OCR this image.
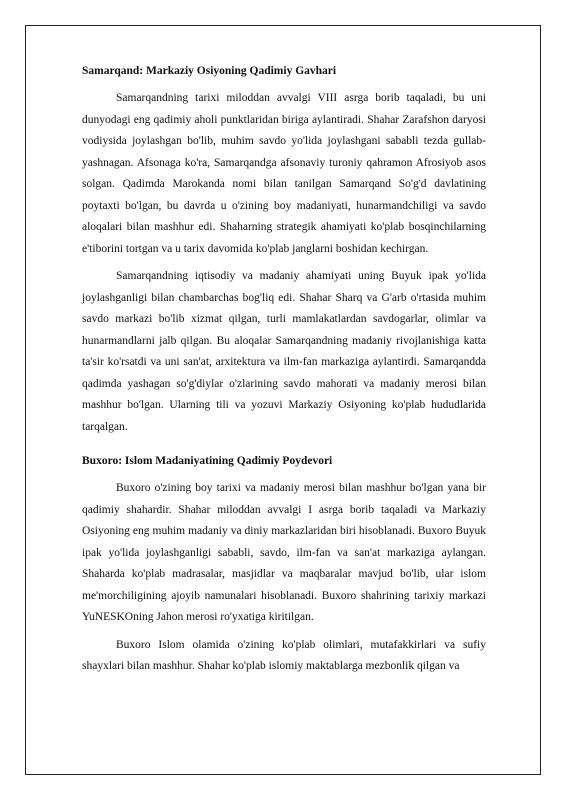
Samarqand: Markaziy Osiyoning Qadimiy Gavhari

Samarqandning tarixi miloddan avvalgi VIII asrga borib taqaladi, bu uni dunyodagi eng qadimiy aholi punktlaridan biriga aylantiradi. Shahar Zarafshon daryosi vodiysida joylashgan bo'lib, muhim savdo yo'lida joylashgani sababli tezda gullab-yashnagan. Afsonaga ko'ra, Samarqandga afsonaviy turoniy qahramon Afrosiyob asos solgan. Qadimda Marokanda nomi bilan tanilgan Samarqand So'g'd davlatining poytaxti bo'lgan, bu davrda u o'zining boy madaniyati, hunarmandchiligi va savdo aloqalari bilan mashhur edi. Shaharning strategik ahamiyati ko'plab bosqinchilarning e'tiborini tortgan va u tarix davomida ko'plab janglarni boshidan kechirgan.

Samarqandning iqtisodiy va madaniy ahamiyati uning Buyuk ipak yo'lida joylashganligi bilan chambarchas bog'liq edi. Shahar Sharq va G'arb o'rtasida muhim savdo markazi bo'lib xizmat qilgan, turli mamlakatlardan savdogarlar, olimlar va hunarmandlarni jalb qilgan. Bu aloqalar Samarqandning madaniy rivojlanishiga katta ta'sir ko'rsatdi va uni san'at, arxitektura va ilm-fan markaziga aylantirdi. Samarqandda qadimda yashagan so'g'diylar o'zlarining savdo mahorati va madaniy merosi bilan mashhur bo'lgan. Ularning tili va yozuvi Markaziy Osiyoning ko'plab hududlarida tarqalgan.

Buxoro: Islom Madaniyatining Qadimiy Poydevori

Buxoro o'zining boy tarixi va madaniy merosi bilan mashhur bo'lgan yana bir qadimiy shahardir. Shahar miloddan avvalgi I asrga borib taqaladi va Markaziy Osiyoning eng muhim madaniy va diniy markazlaridan biri hisoblanadi. Buxoro Buyuk ipak yo'lida joylashganligi sababli, savdo, ilm-fan va san'at markaziga aylangan. Shaharda ko'plab madrasalar, masjidlar va maqbaralar mavjud bo'lib, ular islom me'morchiligining ajoyib namunalari hisoblanadi. Buxoro shahrining tarixiy markazi YuNESKOning Jahon merosi ro'yxatiga kiritilgan.

Buxoro Islom olamida o'zining ko'plab olimlari, mutafakkirlari va sufiy shayxlari bilan mashhur. Shahar ko'plab islomiy maktablarga mezbonlik qilgan va
